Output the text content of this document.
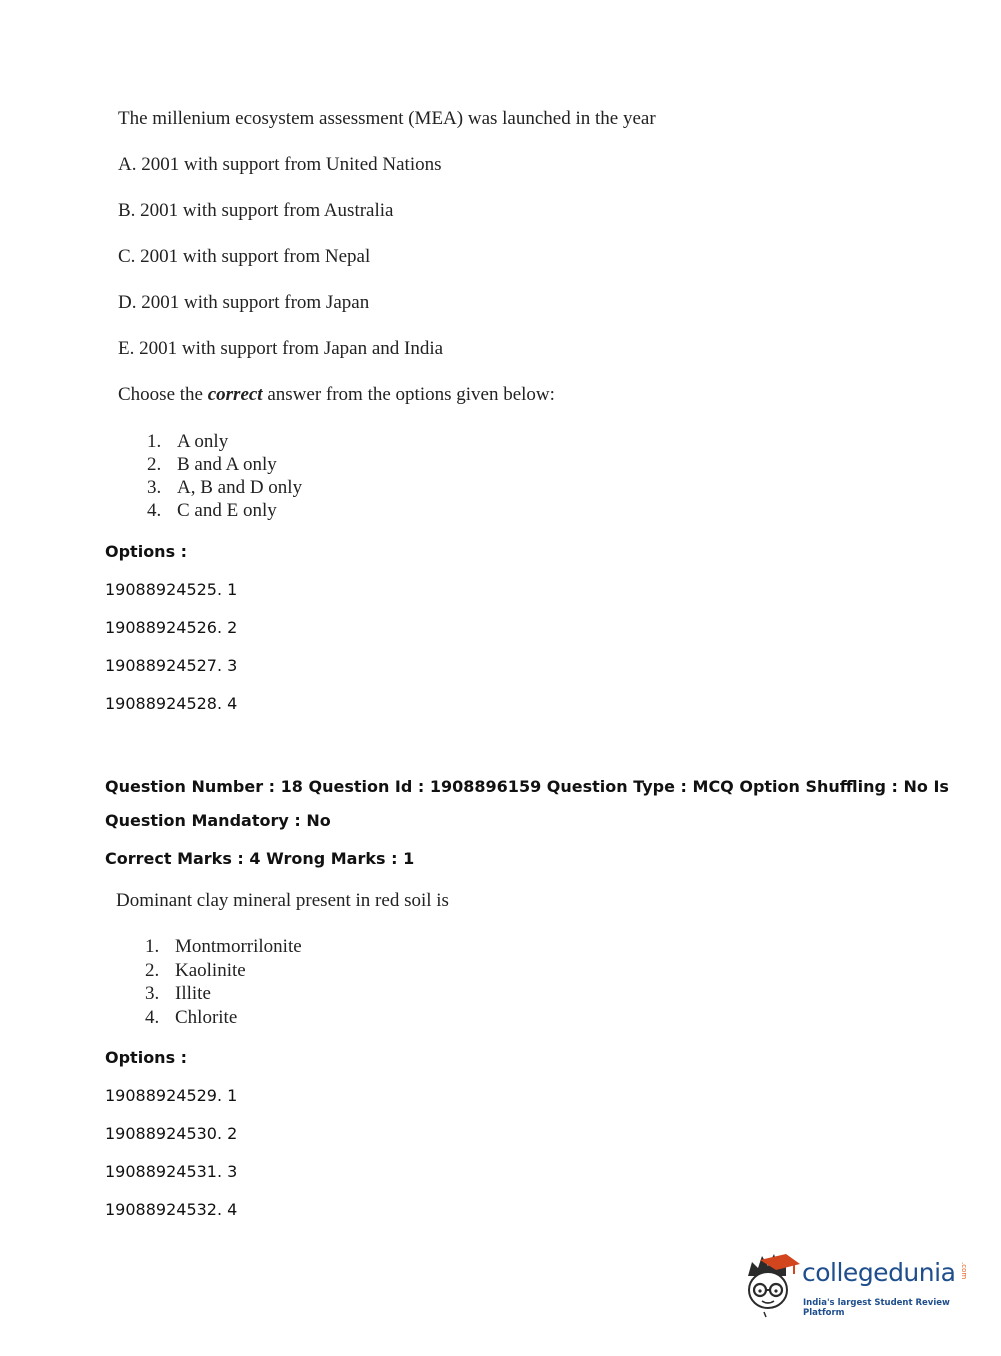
The millenium ecosystem assessment (MEA) was launched in the year
A. 2001 with support from United Nations
B. 2001 with support from Australia
C. 2001 with support from Nepal
D. 2001 with support from Japan
E. 2001 with support from Japan and India
Choose the correct answer from the options given below:
1. A only
2. B and A only
3. A, B and D only
4. C and E only
Options :
19088924525. 1
19088924526. 2
19088924527. 3
19088924528. 4
Question Number : 18 Question Id : 1908896159 Question Type : MCQ Option Shuffling : No Is
Question Mandatory : No
Correct Marks : 4 Wrong Marks : 1
Dominant clay mineral present in red soil is
1. Montmorrilonite
2. Kaolinite
3. Illite
4. Chlorite
Options :
19088924529. 1
19088924530. 2
19088924531. 3
19088924532. 4
collegedunia .com
India's largest Student Review Platform
